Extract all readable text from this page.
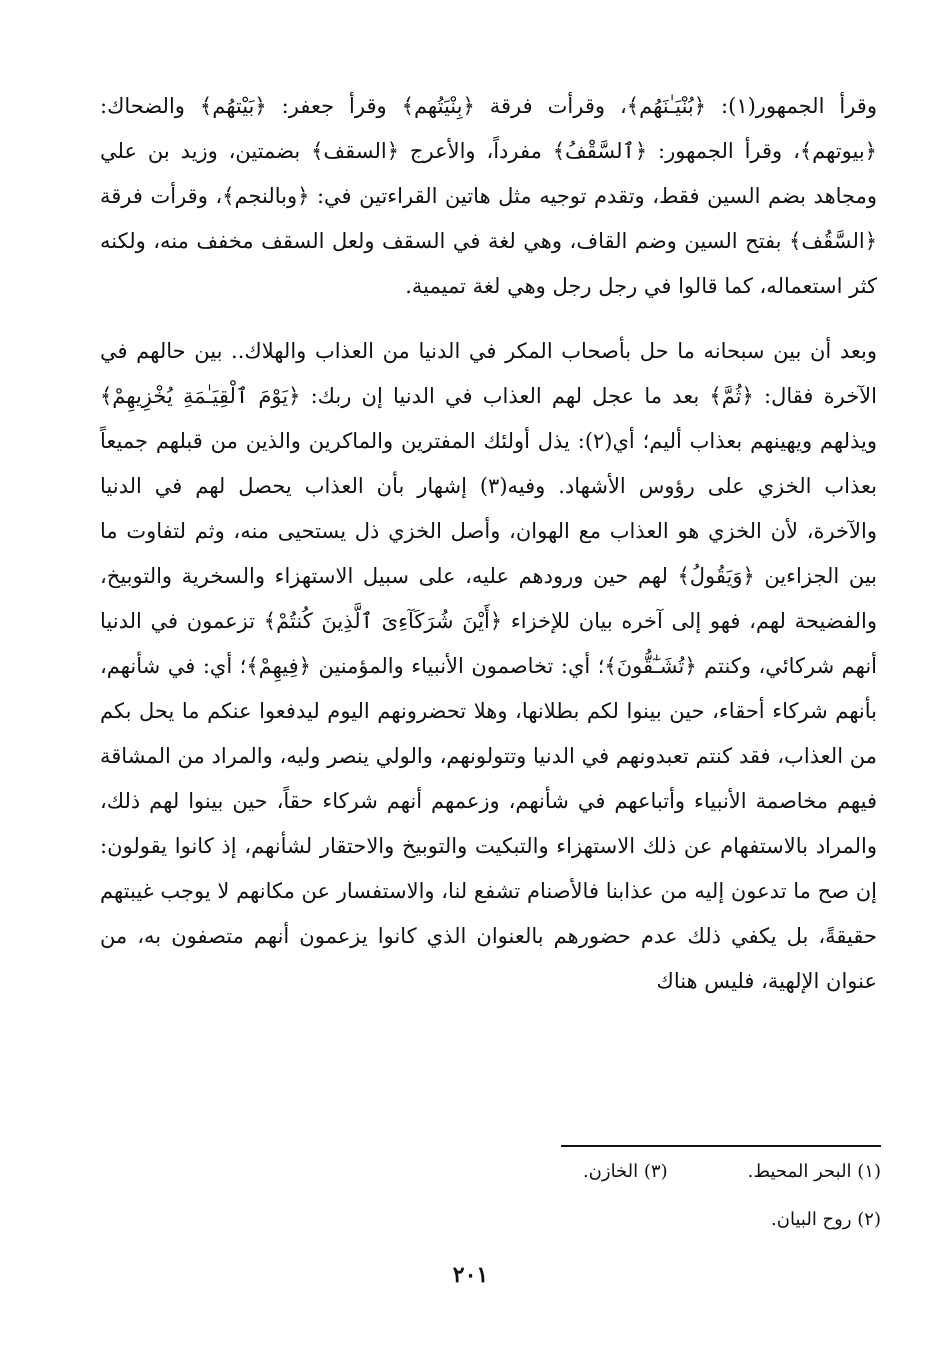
وقرأ الجمهور(١): ﴿بُنْيَـٰنَهُم﴾، وقرأت فرقة ﴿بِنْيَتُهم﴾ وقرأ جعفر: ﴿بَيْتهُم﴾ والضحاك: ﴿بيوتهم﴾، وقرأ الجمهور: ﴿ٱلسَّقْفُ﴾ مفرداً، والأعرج ﴿السقف﴾ بضمتين، وزيد بن علي ومجاهد بضم السين فقط، وتقدم توجيه مثل هاتين القراءتين في: ﴿وبالنجم﴾، وقرأت فرقة ﴿السَّقُف﴾ بفتح السين وضم القاف، وهي لغة في السقف ولعل السقف مخفف منه، ولكنه كثر استعماله، كما قالوا في رجل رجل وهي لغة تميمية.

وبعد أن بين سبحانه ما حل بأصحاب المكر في الدنيا من العذاب والهلاك.. بين حالهم في الآخرة فقال: ﴿ثُمَّ﴾ بعد ما عجل لهم العذاب في الدنيا إن ربك: ﴿يَوْمَ ٱلْقِيَـٰمَةِ يُخْزِيهِمْ﴾ ويذلهم ويهينهم بعذاب أليم؛ أي(٢): يذل أولئك المفترين والماكرين والذين من قبلهم جميعاً بعذاب الخزي على رؤوس الأشهاد. وفيه(٣) إشهار بأن العذاب يحصل لهم في الدنيا والآخرة، لأن الخزي هو العذاب مع الهوان، وأصل الخزي ذل يستحيى منه، وثم لتفاوت ما بين الجزاءين ﴿وَيَقُولُ﴾ لهم حين ورودهم عليه، على سبيل الاستهزاء والسخرية والتوبيخ، والفضيحة لهم، فهو إلى آخره بيان للإخزاء ﴿أَيْنَ شُرَكَآءِىَ ٱلَّذِينَ كُنتُمْ﴾ تزعمون في الدنيا أنهم شركائي، وكنتم ﴿تُشَـٰٓقُّونَ﴾؛ أي: تخاصمون الأنبياء والمؤمنين ﴿فِيهِمْ﴾؛ أي: في شأنهم، بأنهم شركاء أحقاء، حين بينوا لكم بطلانها، وهلا تحضرونهم اليوم ليدفعوا عنكم ما يحل بكم من العذاب، فقد كنتم تعبدونهم في الدنيا وتتولونهم، والولي ينصر وليه، والمراد من المشاقة فيهم مخاصمة الأنبياء وأتباعهم في شأنهم، وزعمهم أنهم شركاء حقاً، حين بينوا لهم ذلك، والمراد بالاستفهام عن ذلك الاستهزاء والتبكيت والتوبيخ والاحتقار لشأنهم، إذ كانوا يقولون: إن صح ما تدعون إليه من عذابنا فالأصنام تشفع لنا، والاستفسار عن مكانهم لا يوجب غيبتهم حقيقةً، بل يكفي ذلك عدم حضورهم بالعنوان الذي كانوا يزعمون أنهم متصفون به، من عنوان الإلهية، فليس هناك

(١) البحر المحيط.
(٣) الخازن.
(٢) روح البيان.
٢٠١
